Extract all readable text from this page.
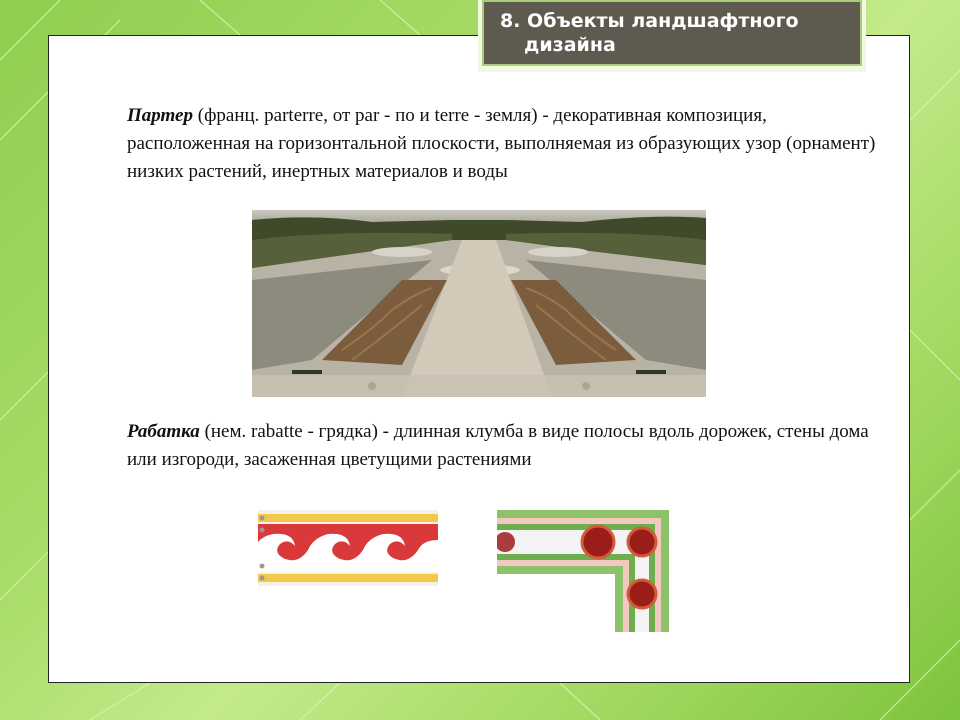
8. Объекты ландшафтного
дизайна

Партер (франц. parterre, от par - по и terre - земля) - декоративная композиция, расположенная на горизонтальной плоскости, выполняемая из образующих узор (орнамент) низких растений, инертных материалов и воды

Рабатка (нем. rabatte - грядка) - длинная клумба в виде полосы вдоль дорожек, стены дома или изгороди, засаженная цветущими растениями
